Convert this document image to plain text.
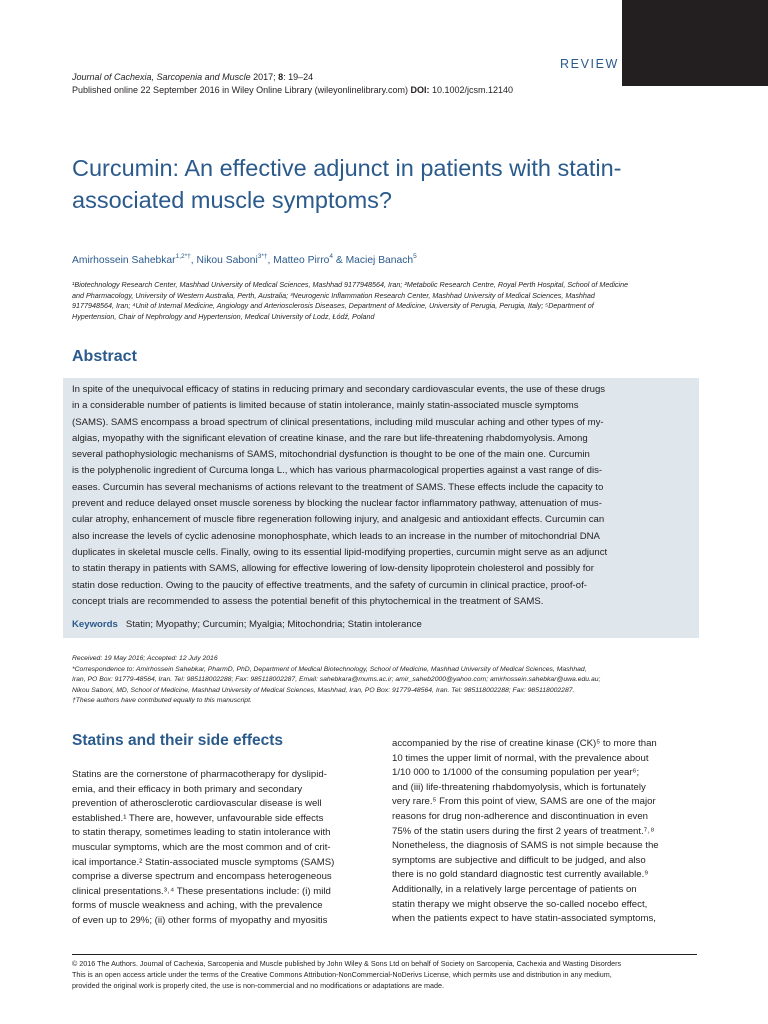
REVIEW
Journal of Cachexia, Sarcopenia and Muscle 2017; 8: 19–24
Published online 22 September 2016 in Wiley Online Library (wileyonlinelibrary.com) DOI: 10.1002/jcsm.12140
Curcumin: An effective adjunct in patients with statin-
associated muscle symptoms?
Amirhossein Sahebkar$^{1,2*\dagger}$, Nikou Saboni$^{3*\dagger}$, Matteo Pirro$^4$ & Maciej Banach$^5$
¹Biotechnology Research Center, Mashhad University of Medical Sciences, Mashhad 9177948564, Iran; ²Metabolic Research Centre, Royal Perth Hospital, School of Medicine
and Pharmacology, University of Western Australia, Perth, Australia; ³Neurogenic Inflammation Research Center, Mashhad University of Medical Sciences, Mashhad
9177948564, Iran; ⁴Unit of Internal Medicine, Angiology and Arteriosclerosis Diseases, Department of Medicine, University of Perugia, Perugia, Italy; ⁵Department of
Hypertension, Chair of Nephrology and Hypertension, Medical University of Lodz, Łódź, Poland
Abstract
In spite of the unequivocal efficacy of statins in reducing primary and secondary cardiovascular events, the use of these drugs
in a considerable number of patients is limited because of statin intolerance, mainly statin-associated muscle symptoms
(SAMS). SAMS encompass a broad spectrum of clinical presentations, including mild muscular aching and other types of my-
algias, myopathy with the significant elevation of creatine kinase, and the rare but life-threatening rhabdomyolysis. Among
several pathophysiologic mechanisms of SAMS, mitochondrial dysfunction is thought to be one of the main one. Curcumin
is the polyphenolic ingredient of Curcuma longa L., which has various pharmacological properties against a vast range of dis-
eases. Curcumin has several mechanisms of actions relevant to the treatment of SAMS. These effects include the capacity to
prevent and reduce delayed onset muscle soreness by blocking the nuclear factor inflammatory pathway, attenuation of mus-
cular atrophy, enhancement of muscle fibre regeneration following injury, and analgesic and antioxidant effects. Curcumin can
also increase the levels of cyclic adenosine monophosphate, which leads to an increase in the number of mitochondrial DNA
duplicates in skeletal muscle cells. Finally, owing to its essential lipid-modifying properties, curcumin might serve as an adjunct
to statin therapy in patients with SAMS, allowing for effective lowering of low-density lipoprotein cholesterol and possibly for
statin dose reduction. Owing to the paucity of effective treatments, and the safety of curcumin in clinical practice, proof-of-
concept trials are recommended to assess the potential benefit of this phytochemical in the treatment of SAMS.
Keywords Statin; Myopathy; Curcumin; Myalgia; Mitochondria; Statin intolerance
Received: 19 May 2016; Accepted: 12 July 2016
*Correspondence to: Amirhossein Sahebkar, PharmD, PhD, Department of Medical Biotechnology, School of Medicine, Mashhad University of Medical Sciences, Mashhad,
Iran, PO Box: 91779-48564, Iran. Tel: 985118002288; Fax: 985118002287, Email: sahebkara@mums.ac.ir; amir_saheb2000@yahoo.com; amirhossein.sahebkar@uwa.edu.au;
Nikou Saboni, MD, School of Medicine, Mashhad University of Medical Sciences, Mashhad, Iran, PO Box: 91779-48564, Iran. Tel: 985118002288; Fax: 985118002287.
†These authors have contributed equally to this manuscript.
Statins and their side effects
Statins are the cornerstone of pharmacotherapy for dyslipid-
emia, and their efficacy in both primary and secondary
prevention of atherosclerotic cardiovascular disease is well
established.¹ There are, however, unfavourable side effects
to statin therapy, sometimes leading to statin intolerance with
muscular symptoms, which are the most common and of crit-
ical importance.² Statin-associated muscle symptoms (SAMS)
comprise a diverse spectrum and encompass heterogeneous
clinical presentations.³˒⁴ These presentations include: (i) mild
forms of muscle weakness and aching, with the prevalence
of even up to 29%; (ii) other forms of myopathy and myositis
accompanied by the rise of creatine kinase (CK)⁵ to more than
10 times the upper limit of normal, with the prevalence about
1/10 000 to 1/1000 of the consuming population per year⁶;
and (iii) life-threatening rhabdomyolysis, which is fortunately
very rare.⁵ From this point of view, SAMS are one of the major
reasons for drug non-adherence and discontinuation in even
75% of the statin users during the first 2 years of treatment.⁷˒⁸
Nonetheless, the diagnosis of SAMS is not simple because the
symptoms are subjective and difficult to be judged, and also
there is no gold standard diagnostic test currently available.⁹
Additionally, in a relatively large percentage of patients on
statin therapy we might observe the so-called nocebo effect,
when the patients expect to have statin-associated symptoms,
© 2016 The Authors. Journal of Cachexia, Sarcopenia and Muscle published by John Wiley & Sons Ltd on behalf of Society on Sarcopenia, Cachexia and Wasting Disorders
This is an open access article under the terms of the Creative Commons Attribution-NonCommercial-NoDerivs License, which permits use and distribution in any medium,
provided the original work is properly cited, the use is non-commercial and no modifications or adaptations are made.
